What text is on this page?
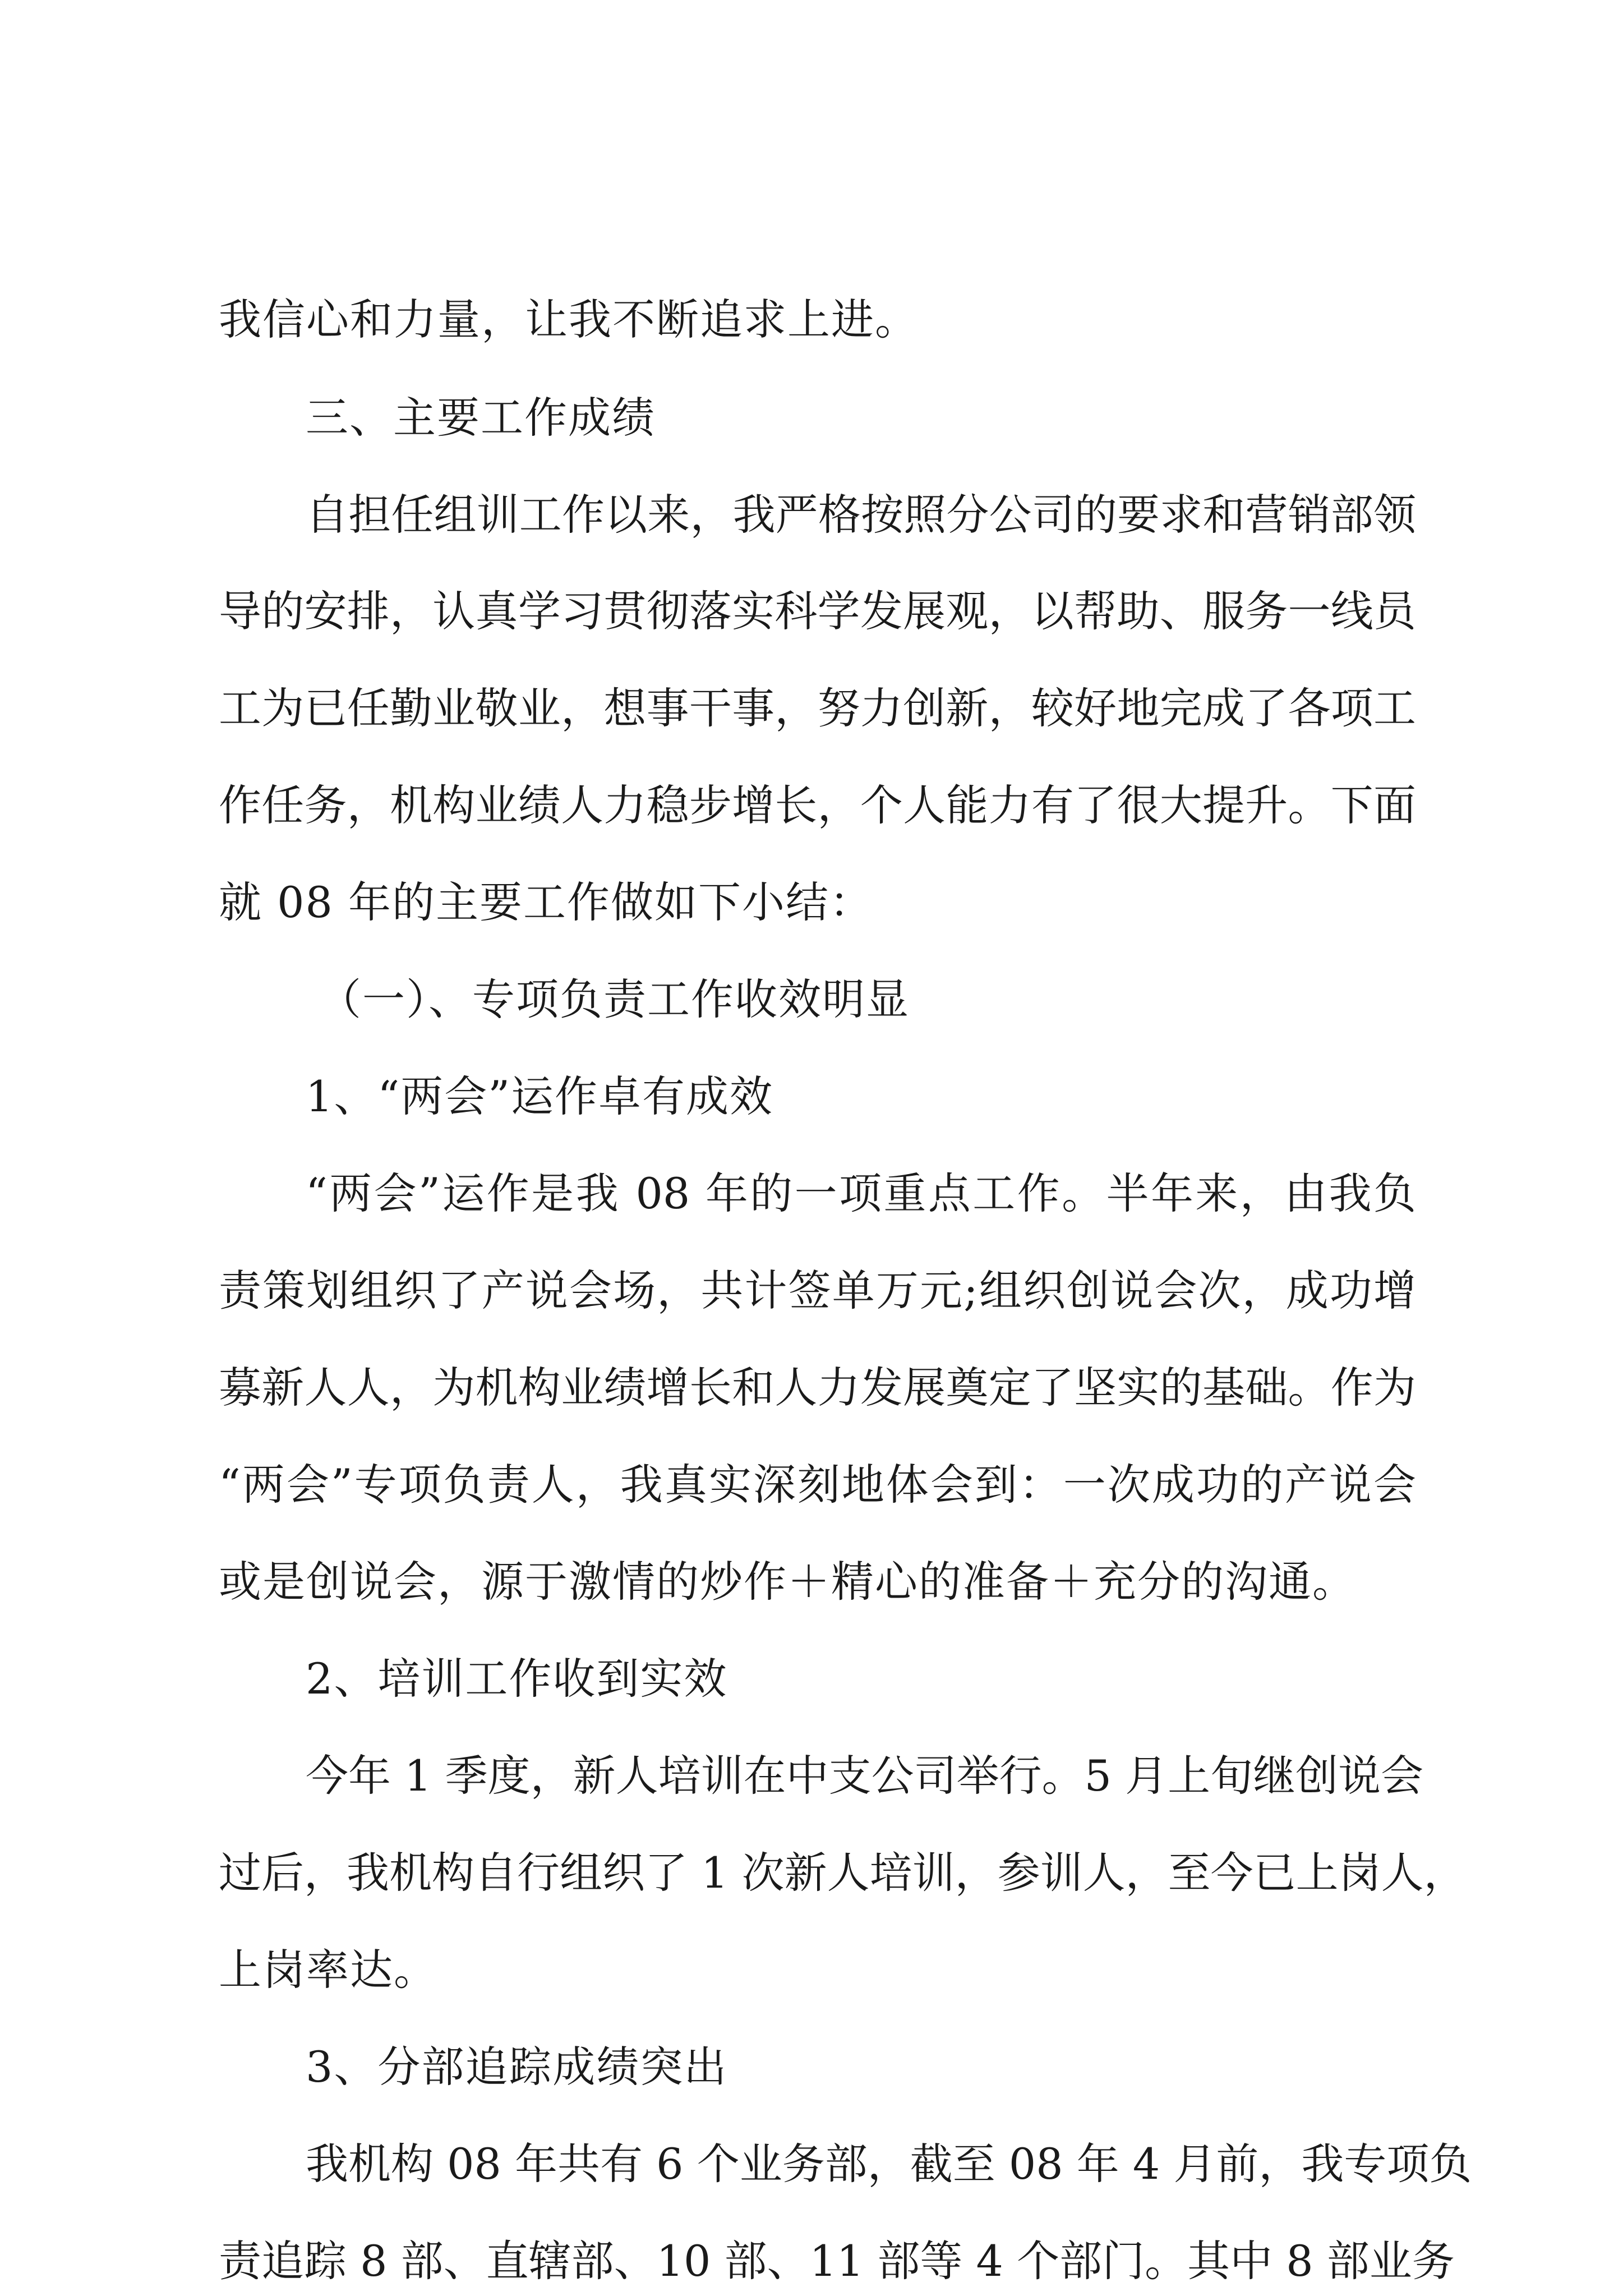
我信心和力量，让我不断追求上进。
三、主要工作成绩
自担任组训工作以来，我严格按照分公司的要求和营销部领
导的安排，认真学习贯彻落实科学发展观，以帮助、服务一线员
工为已任勤业敬业，想事干事，努力创新，较好地完成了各项工
作任务，机构业绩人力稳步增长，个人能力有了很大提升。下面
就 08 年的主要工作做如下小结：
（一）、专项负责工作收效明显
1、“两会”运作卓有成效
“两会”运作是我 08 年的一项重点工作。半年来，由我负
责策划组织了产说会场，共计签单万元;组织创说会次，成功增
募新人人，为机构业绩增长和人力发展奠定了坚实的基础。作为
“两会”专项负责人，我真实深刻地体会到：一次成功的产说会
或是创说会，源于激情的炒作＋精心的准备＋充分的沟通。
2、培训工作收到实效
今年 1 季度，新人培训在中支公司举行。5 月上旬继创说会
过后，我机构自行组织了 1 次新人培训，参训人，至今已上岗人，
上岗率达。
3、分部追踪成绩突出
我机构 08 年共有 6 个业务部，截至 08 年 4 月前，我专项负
责追踪 8 部、直辖部、10 部、11 部等 4 个部门。其中 8 部业务
